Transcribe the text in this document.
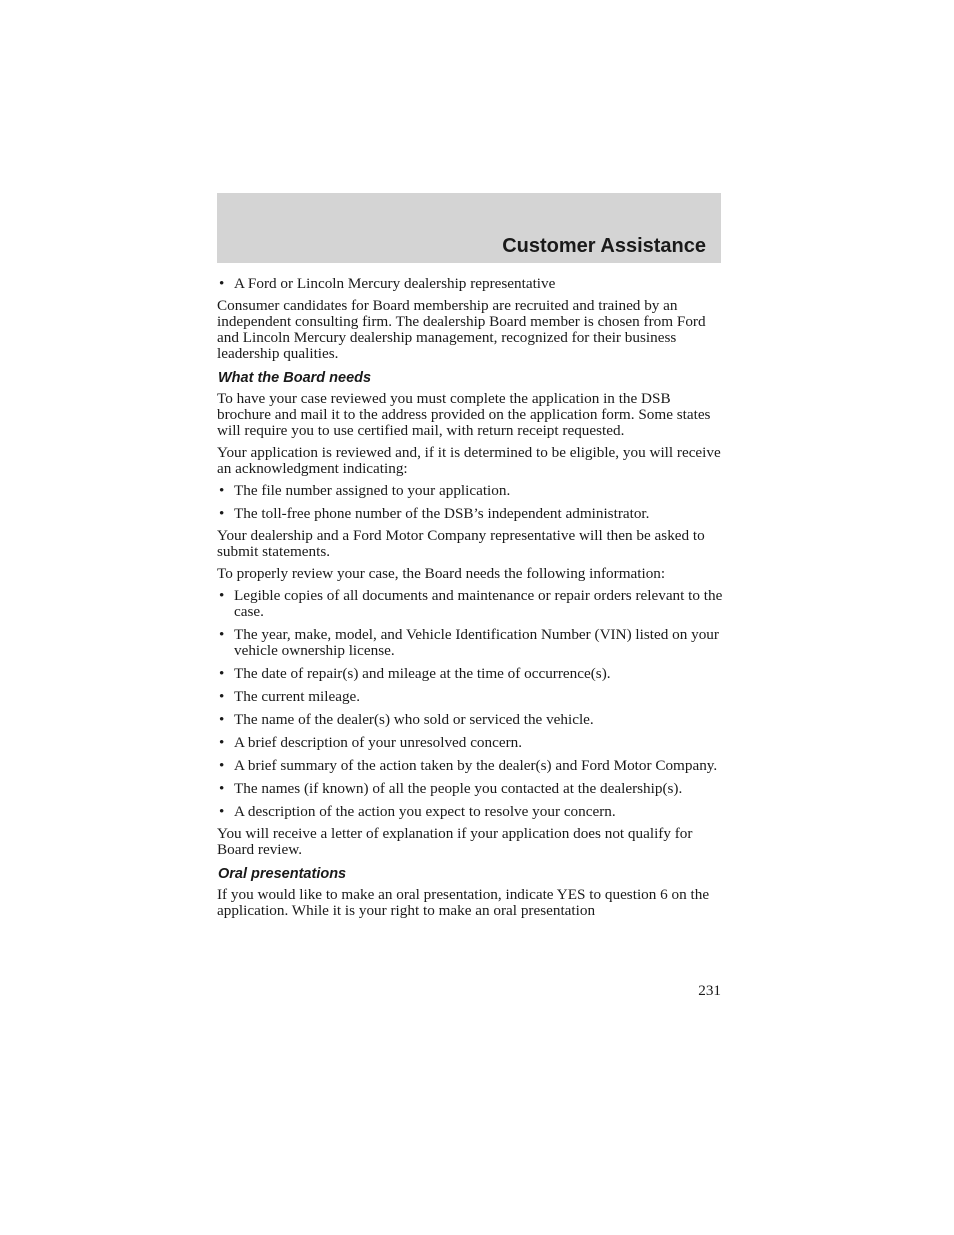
Customer Assistance
• A Ford or Lincoln Mercury dealership representative

Consumer candidates for Board membership are recruited and trained by an independent consulting firm. The dealership Board member is chosen from Ford and Lincoln Mercury dealership management, recognized for their business leadership qualities.

What the Board needs

To have your case reviewed you must complete the application in the DSB brochure and mail it to the address provided on the application form. Some states will require you to use certified mail, with return receipt requested.

Your application is reviewed and, if it is determined to be eligible, you will receive an acknowledgment indicating:

• The file number assigned to your application.
• The toll-free phone number of the DSB’s independent administrator.

Your dealership and a Ford Motor Company representative will then be asked to submit statements.

To properly review your case, the Board needs the following information:

• Legible copies of all documents and maintenance or repair orders relevant to the case.
• The year, make, model, and Vehicle Identification Number (VIN) listed on your vehicle ownership license.
• The date of repair(s) and mileage at the time of occurrence(s).
• The current mileage.
• The name of the dealer(s) who sold or serviced the vehicle.
• A brief description of your unresolved concern.
• A brief summary of the action taken by the dealer(s) and Ford Motor Company.
• The names (if known) of all the people you contacted at the dealership(s).
• A description of the action you expect to resolve your concern.

You will receive a letter of explanation if your application does not qualify for Board review.

Oral presentations

If you would like to make an oral presentation, indicate YES to question 6 on the application. While it is your right to make an oral presentation

231
